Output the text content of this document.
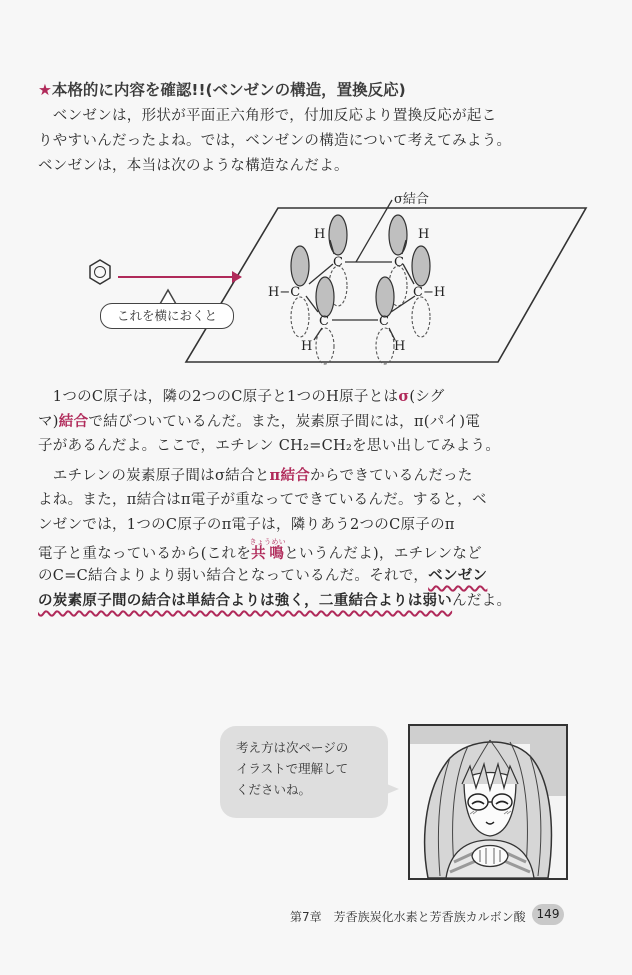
★本格的に内容を確認!!(ベンゼンの構造，置換反応)
　ベンゼンは，形状が平面正六角形で，付加反応より置換反応が起こ
りやすいんだったよね。では，ベンゼンの構造について考えてみよう。
ベンゼンは，本当は次のような構造なんだよ。
H	H
C	C
H−C	C−H
C	C
H	H
σ結合
これを横におくと
　1つのC原子は，隣の2つのC原子と1つのH原子とはσ(シグ
マ)結合で結びついているんだ。また，炭素原子間には，π(パイ)電
子があるんだよ。ここで，エチレン CH₂=CH₂を思い出してみよう。
　エチレンの炭素原子間はσ結合とπ結合からできているんだった
よね。また，π結合はπ電子が重なってできているんだ。すると，ベ
ンゼンでは，1つのC原子のπ電子は，隣りあう2つのC原子のπ
電子と重なっているから(これを共鳴きょうめいというんだよ)，エチレンなど
のC=C結合よりより弱い結合となっているんだ。それで，ベンゼン
の炭素原子間の結合は単結合よりは強く，二重結合よりは弱いんだよ。
考え方は次ページの
イラストで理解して
くださいね。
第7章　芳香族炭化水素と芳香族カルボン酸 149
